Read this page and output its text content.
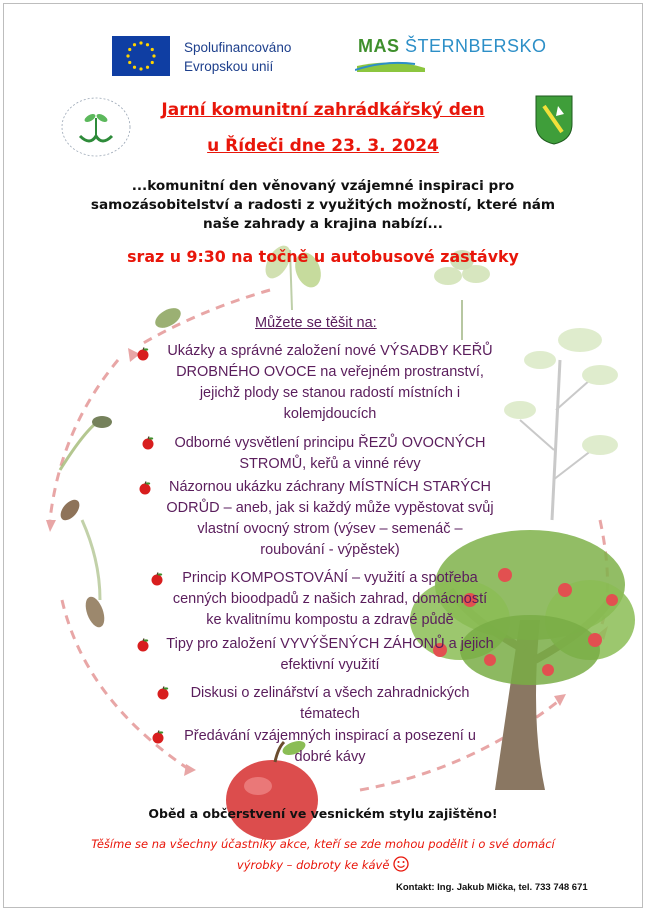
Spolufinancováno
Evropskou unií
MAS ŠTERNBERSKO
Jarní komunitní zahrádkářský den
u Řídeči dne 23. 3. 2024
...komunitní den věnovaný vzájemné inspiraci pro
samozásobitelství a radosti z využitých možností, které nám
naše zahrady a krajina nabízí...
sraz u 9:30 na točně u autobusové zastávky
Můžete se těšit na:
Ukázky a správné založení nové VÝSADBY KEŘŮ
DROBNÉHO OVOCE na veřejném prostranství,
jejichž plody se stanou radostí místních i
kolemjdoucích
Odborné vysvětlení principu ŘEZŮ OVOCNÝCH
STROMŮ, keřů a vinné révy
Názornou ukázku záchrany MÍSTNÍCH STARÝCH
ODRŮD – aneb, jak si každý může vypěstovat svůj
vlastní ovocný strom (výsev – semenáč –
roubování - výpěstek)
Princip KOMPOSTOVÁNÍ – využití a spotřeba
cenných bioodpadů z našich zahrad, domácností
ke kvalitnímu kompostu a zdravé půdě
Tipy pro založení VYVÝŠENÝCH ZÁHONŮ a jejich
efektivní využití
Diskusi o zelinářství a všech zahradnických
tématech
Předávání vzájemných inspirací a posezení u
dobré kávy
Oběd a občerstvení ve vesnickém stylu zajištěno!
Těšíme se na všechny účastníky akce, kteří se zde mohou podělit i o své domácí
výrobky – dobroty ke kávě
Kontakt: Ing. Jakub Mička, tel. 733 748 671
